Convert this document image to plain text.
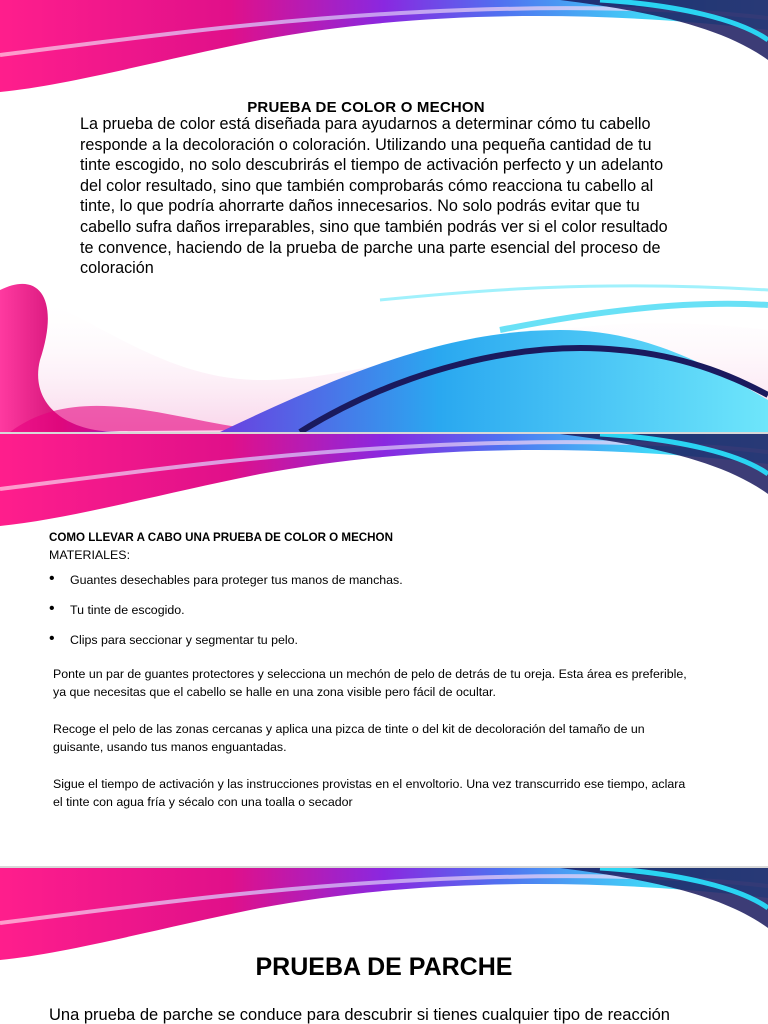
PRUEBA DE COLOR O MECHON
La prueba de color está diseñada para ayudarnos a determinar cómo tu cabello responde a la decoloración o coloración. Utilizando una pequeña cantidad de tu tinte escogido, no solo descubrirás el tiempo de activación perfecto y un adelanto del color resultado, sino que también comprobarás cómo reacciona tu cabello al tinte, lo que podría ahorrarte daños innecesarios. No solo podrás evitar que tu cabello sufra daños irreparables, sino que también podrás ver si el color resultado te convence, haciendo de la prueba de parche una parte esencial del proceso de coloración
COMO LLEVAR A CABO UNA PRUEBA DE COLOR O MECHON
MATERIALES:
• Guantes desechables para proteger tus manos de manchas.
• Tu tinte de escogido.
• Clips para seccionar y segmentar tu pelo.

Ponte un par de guantes protectores y selecciona un mechón de pelo de detrás de tu oreja. Esta área es preferible, ya que necesitas que el cabello se halle en una zona visible pero fácil de ocultar.

Recoge el pelo de las zonas cercanas y aplica una pizca de tinte o del kit de decoloración del tamaño de un guisante, usando tus manos enguantadas.

Sigue el tiempo de activación y las instrucciones provistas en el envoltorio. Una vez transcurrido ese tiempo, aclara el tinte con agua fría y sécalo con una toalla o secador

PRUEBA DE PARCHE
Una prueba de parche se conduce para descubrir si tienes cualquier tipo de reacción
